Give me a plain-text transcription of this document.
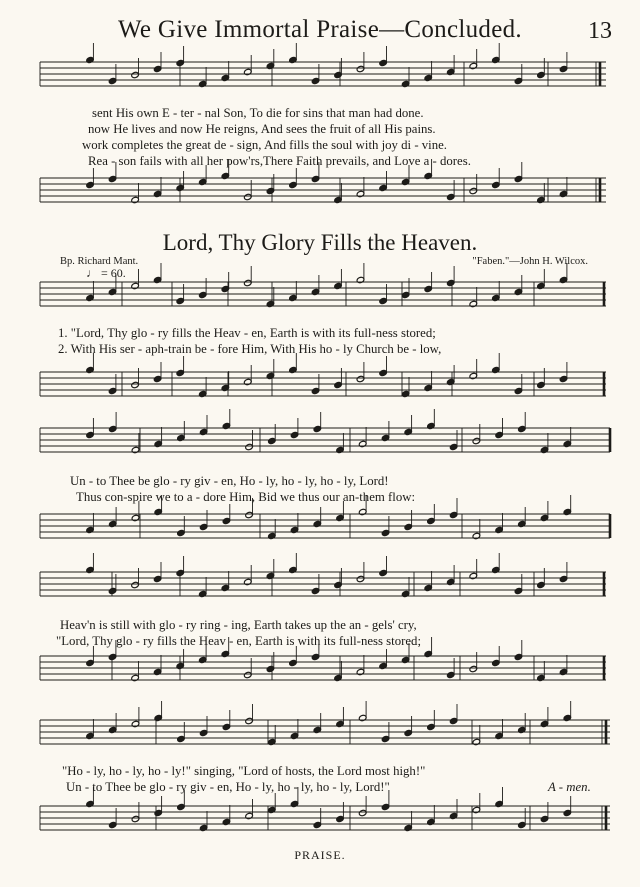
We Give Immortal Praise—Concluded.	13
sent His own E - ter - nal Son, To die for sins that man had done.
now He lives and now He reigns, And sees the fruit of all His pains.
work completes the great de - sign, And fills the soul with joy di - vine.
Rea - son fails with all her pow'rs,There Faith prevails, and Love a - dores.
Lord, Thy Glory Fills the Heaven.
Bp. Richard Mant.	"Faben."—John H. Wilcox.
♩ = 60.
1. "Lord, Thy glo - ry fills the Heav - en, Earth is with its full-ness stored;
2. With His ser - aph-train be - fore Him, With His ho - ly Church be - low,
Un - to Thee be glo - ry giv - en, Ho - ly, ho - ly, ho - ly, Lord!
Thus con-spire we to a - dore Him, Bid we thus our an-them flow:
Heav'n is still with glo - ry ring - ing, Earth takes up the an - gels' cry,
"Lord, Thy glo - ry fills the Heav - en, Earth is with its full-ness stored;
"Ho - ly, ho - ly, ho - ly!" singing, "Lord of hosts, the Lord most high!"
Un - to Thee be glo - ry giv - en, Ho - ly, ho - ly, ho - ly, Lord!"	A - men.
PRAISE.
